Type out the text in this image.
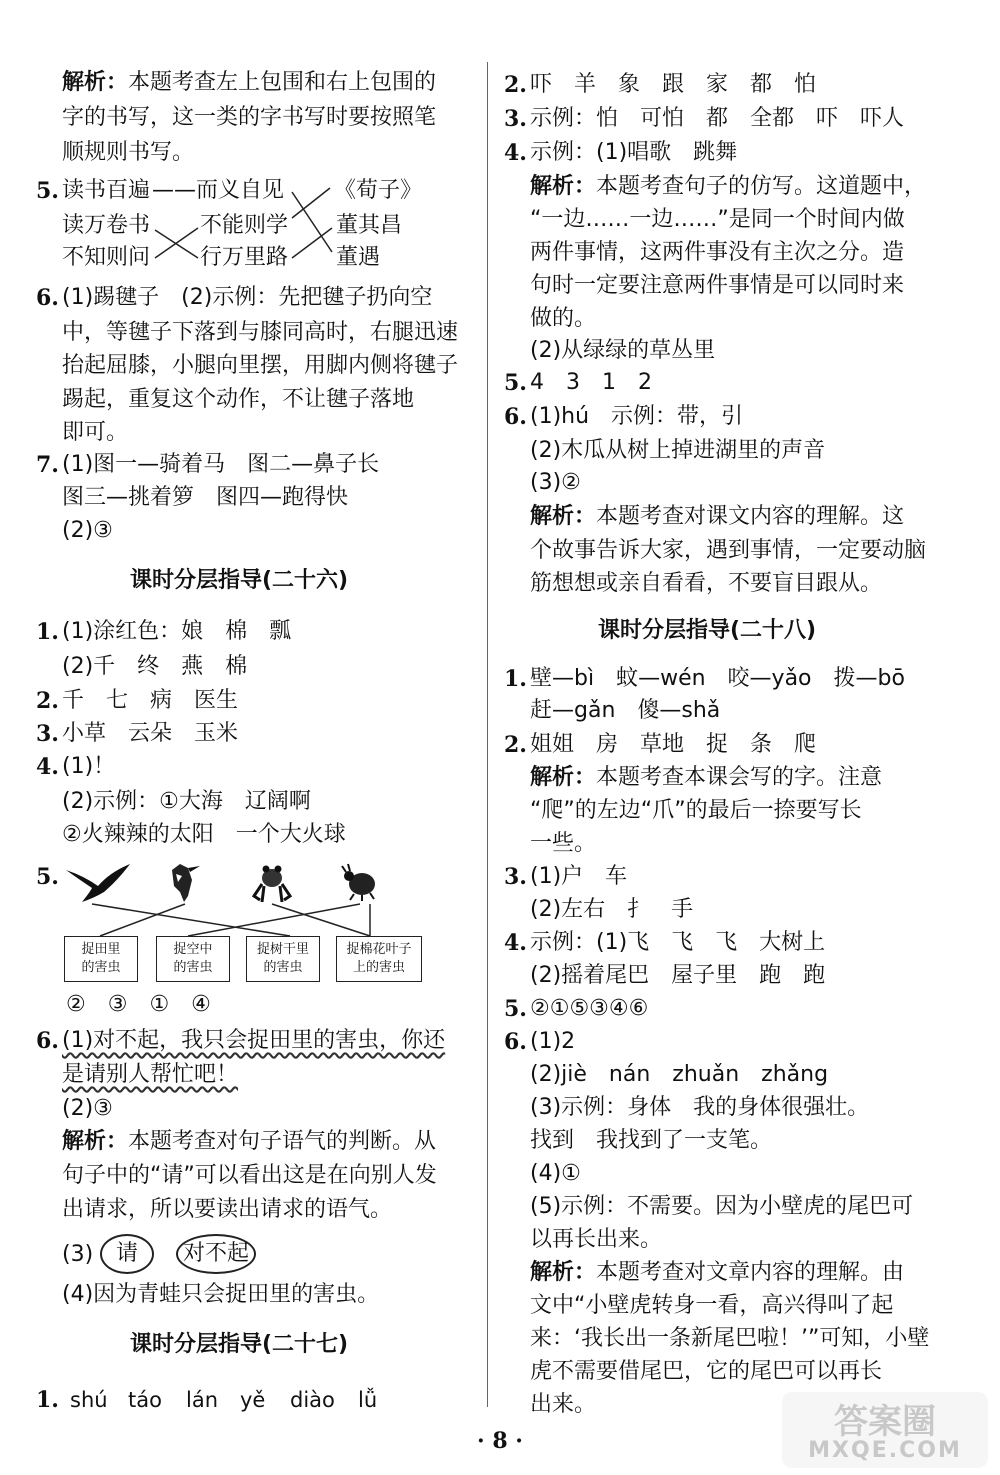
解析：本题考查左上包围和右上包围的
字的书写，这一类的字书写时要按照笔
顺规则书写。
5. 读书百遍 —— 而义自见 《荀子》
读万卷书 不能则学 董其昌
不知则问 行万里路 董遇
6. (1)踢毽子　(2)示例：先把毽子扔向空
中，等毽子下落到与膝同高时，右腿迅速
抬起屈膝，小腿向里摆，用脚内侧将毽子
踢起，重复这个动作，不让毽子落地
即可。
7. (1)图一—骑着马　图二—鼻子长
图三—挑着箩　图四—跑得快
(2)③
课时分层指导(二十六)
1. (1)涂红色：娘　棉　瓢
(2)千　终　燕　棉
2. 千　七　病　医生
3. 小草　云朵　玉米
4. (1)！
(2)示例：①大海　辽阔啊
②火辣辣的太阳　一个大火球
5.
捉田里
的害虫
捉空中
的害虫
捉树干里
的害虫
捉棉花叶子
上的害虫
②　③　①　④
6. (1)对不起，我只会捉田里的害虫，你还
是请别人帮忙吧！
(2)③
解析：本题考查对句子语气的判断。从
句子中的“请”可以看出这是在向别人发
出请求，所以要读出请求的语气。
(3)	请	对不起
(4)因为青蛙只会捉田里的害虫。
课时分层指导(二十七)
1. shú táo lán yě diào lǚ
2. 吓　羊　象　跟　家　都　怕
3. 示例：怕　可怕　都　全都　吓　吓人
4. 示例：(1)唱歌　跳舞
解析：本题考查句子的仿写。这道题中，
“一边……一边……”是同一个时间内做
两件事情，这两件事没有主次之分。造
句时一定要注意两件事情是可以同时来
做的。
(2)从绿绿的草丛里
5. 4　3　1　2
6. (1)hú　示例：带，引
(2)木瓜从树上掉进湖里的声音
(3)②
解析：本题考查对课文内容的理解。这
个故事告诉大家，遇到事情，一定要动脑
筋想想或亲自看看，不要盲目跟从。
课时分层指导(二十八)
1. 壁—bì　蚊—wén　咬—yǎo　拨—bō
赶—gǎn　傻—shǎ
2. 姐姐　房　草地　捉　条　爬
解析：本题考查本课会写的字。注意
“爬”的左边“爪”的最后一捺要写长
一些。
3. (1)户　车
(2)左右　扌　手
4. 示例：(1)飞　飞　飞　大树上
(2)摇着尾巴　屋子里　跑　跑
5. ②①⑤③④⑥
6. (1)2
(2)jiè　nán　zhuǎn　zhǎng
(3)示例：身体　我的身体很强壮。
找到　我找到了一支笔。
(4)①
(5)示例：不需要。因为小壁虎的尾巴可
以再长出来。
解析：本题考查对文章内容的理解。由
文中“小壁虎转身一看，高兴得叫了起
来：‘我长出一条新尾巴啦！’”可知，小壁
虎不需要借尾巴，它的尾巴可以再长
出来。
· 8 ·	答案圈
MXQE.COM
